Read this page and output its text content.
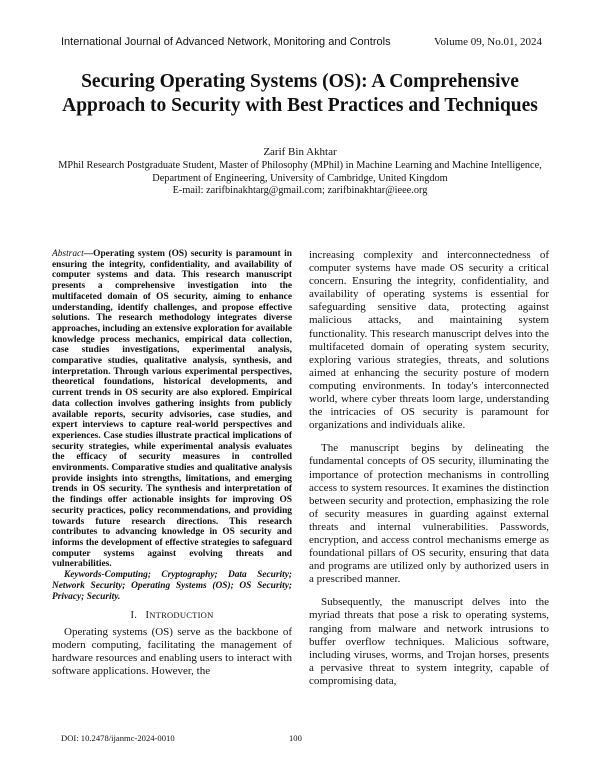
International Journal of Advanced Network, Monitoring and Controls	Volume 09, No.01, 2024
Securing Operating Systems (OS): A Comprehensive Approach to Security with Best Practices and Techniques
Zarif Bin Akhtar
MPhil Research Postgraduate Student, Master of Philosophy (MPhil) in Machine Learning and Machine Intelligence, Department of Engineering, University of Cambridge, United Kingdom
E-mail: zarifbinakhtarg@gmail.com; zarifbinakhtar@ieee.org

Abstract—Operating system (OS) security is paramount in ensuring the integrity, confidentiality, and availability of computer systems and data. This research manuscript presents a comprehensive investigation into the multifaceted domain of OS security, aiming to enhance understanding, identify challenges, and propose effective solutions. The research methodology integrates diverse approaches, including an extensive exploration for available knowledge process mechanics, empirical data collection, case studies investigations, experimental analysis, comparative studies, qualitative analysis, synthesis, and interpretation. Through various experimental perspectives, theoretical foundations, historical developments, and current trends in OS security are also explored. Empirical data collection involves gathering insights from publicly available reports, security advisories, case studies, and expert interviews to capture real-world perspectives and experiences. Case studies illustrate practical implications of security strategies, while experimental analysis evaluates the efficacy of security measures in controlled environments. Comparative studies and qualitative analysis provide insights into strengths, limitations, and emerging trends in OS security. The synthesis and interpretation of the findings offer actionable insights for improving OS security practices, policy recommendations, and providing towards future research directions. This research contributes to advancing knowledge in OS security and informs the development of effective strategies to safeguard computer systems against evolving threats and vulnerabilities.

Keywords-Computing; Cryptography; Data Security; Network Security; Operating Systems (OS); OS Security; Privacy; Security.

I. INTRODUCTION

Operating systems (OS) serve as the backbone of modern computing, facilitating the management of hardware resources and enabling users to interact with software applications. However, the

increasing complexity and interconnectedness of computer systems have made OS security a critical concern. Ensuring the integrity, confidentiality, and availability of operating systems is essential for safeguarding sensitive data, protecting against malicious attacks, and maintaining system functionality. This research manuscript delves into the multifaceted domain of operating system security, exploring various strategies, threats, and solutions aimed at enhancing the security posture of modern computing environments. In today's interconnected world, where cyber threats loom large, understanding the intricacies of OS security is paramount for organizations and individuals alike.

The manuscript begins by delineating the fundamental concepts of OS security, illuminating the importance of protection mechanisms in controlling access to system resources. It examines the distinction between security and protection, emphasizing the role of security measures in guarding against external threats and internal vulnerabilities. Passwords, encryption, and access control mechanisms emerge as foundational pillars of OS security, ensuring that data and programs are utilized only by authorized users in a prescribed manner.

Subsequently, the manuscript delves into the myriad threats that pose a risk to operating systems, ranging from malware and network intrusions to buffer overflow techniques. Malicious software, including viruses, worms, and Trojan horses, presents a pervasive threat to system integrity, capable of compromising data,

DOI: 10.2478/ijanmc-2024-0010	100
